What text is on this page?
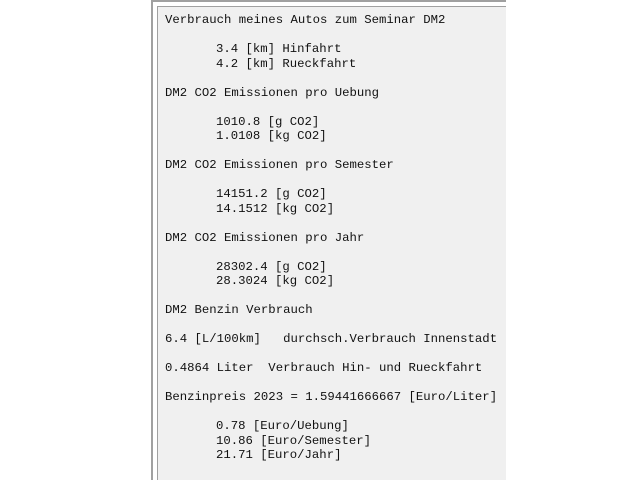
Verbrauch meines Autos zum Seminar DM2
3.4 [km] Hinfahrt
4.2 [km] Rueckfahrt
DM2 CO2 Emissionen pro Uebung
1010.8 [g CO2]
1.0108 [kg CO2]
DM2 CO2 Emissionen pro Semester
14151.2 [g CO2]
14.1512 [kg CO2]
DM2 CO2 Emissionen pro Jahr
28302.4 [g CO2]
28.3024 [kg CO2]
DM2 Benzin Verbrauch
6.4 [L/100km]   durchsch.Verbrauch Innenstadt
0.4864 Liter  Verbrauch Hin- und Rueckfahrt
Benzinpreis 2023 = 1.59441666667 [Euro/Liter]
0.78 [Euro/Uebung]
10.86 [Euro/Semester]
21.71 [Euro/Jahr]
